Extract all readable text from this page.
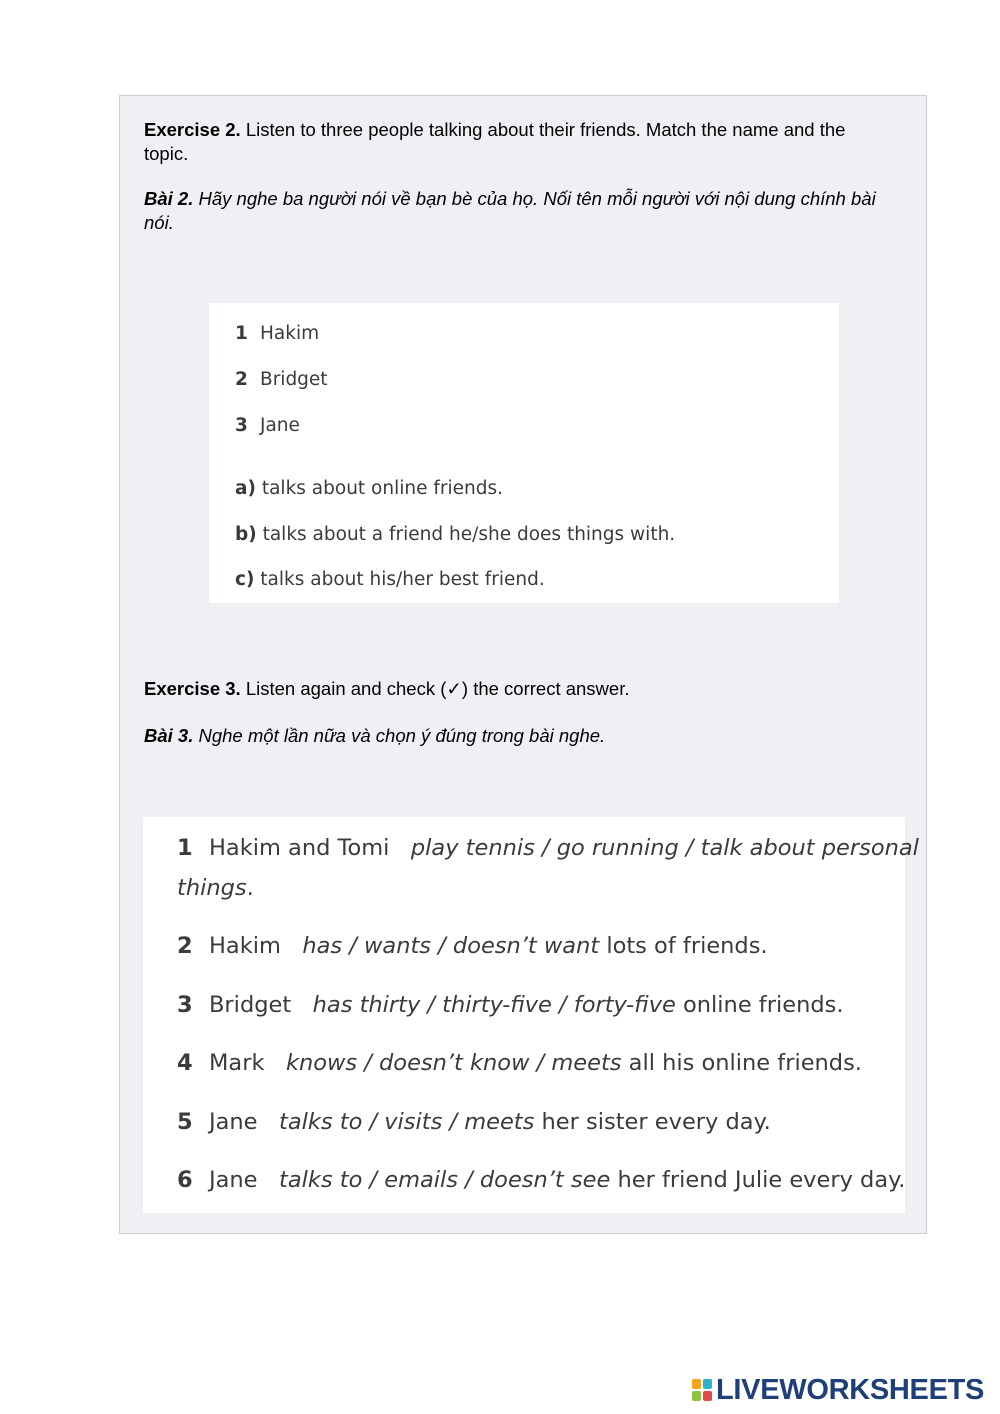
Exercise 2. Listen to three people talking about their friends. Match the name and the topic.
Bài 2. Hãy nghe ba người nói về bạn bè của họ. Nối tên mỗi người với nội dung chính bài nói.
1 Hakim
2 Bridget
3 Jane
a) talks about online friends.
b) talks about a friend he/she does things with.
c) talks about his/her best friend.
Exercise 3. Listen again and check (✓) the correct answer.
Bài 3. Nghe một lần nữa và chọn ý đúng trong bài nghe.
1 Hakim and Tomi play tennis / go running / talk about personal
things.
2 Hakim has / wants / doesn’t want lots of friends.
3 Bridget has thirty / thirty-five / forty-five online friends.
4 Mark knows / doesn’t know / meets all his online friends.
5 Jane talks to / visits / meets her sister every day.
6 Jane talks to / emails / doesn’t see her friend Julie every day.
LIVEWORKSHEETS
